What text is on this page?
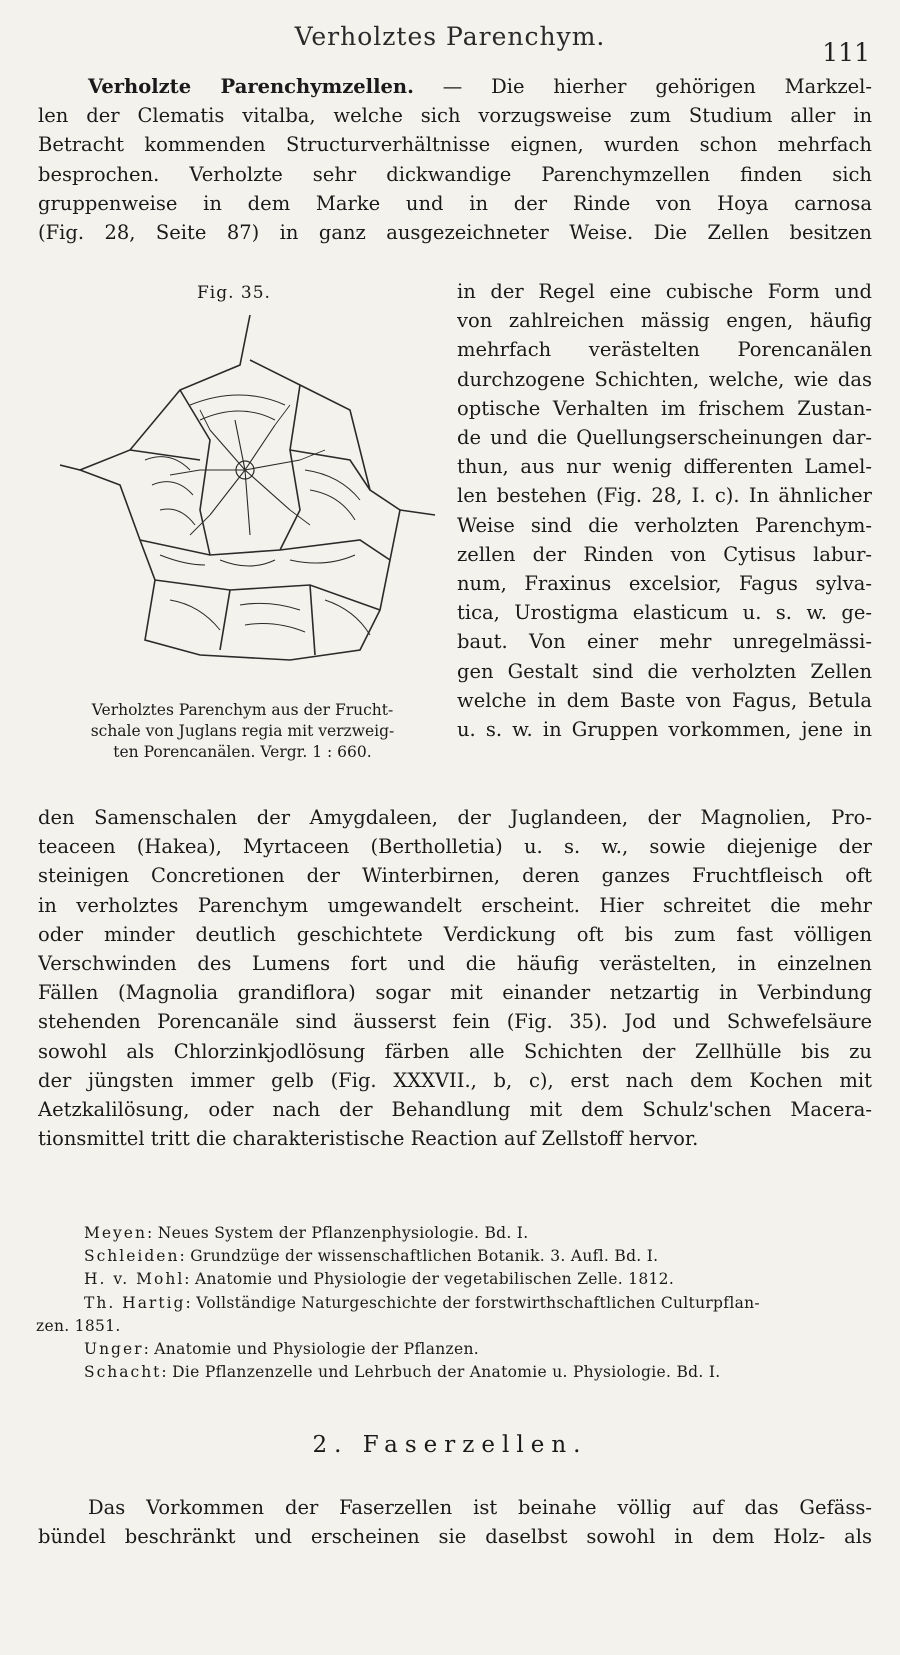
Verholztes Parenchym.
111
Verholzte Parenchymzellen. — Die hierher gehörigen Markzel-
len der Clematis vitalba, welche sich vorzugsweise zum Studium aller in
Betracht kommenden Structurverhältnisse eignen, wurden schon mehrfach
besprochen. Verholzte sehr dickwandige Parenchymzellen finden sich
gruppenweise in dem Marke und in der Rinde von Hoya carnosa
(Fig. 28, Seite 87) in ganz ausgezeichneter Weise. Die Zellen besitzen
Fig. 35.
Verholztes Parenchym aus der Frucht-
schale von Juglans regia mit verzweig-
ten Porencanälen. Vergr. 1 : 660.
in der Regel eine cubische Form und
von zahlreichen mässig engen, häufig
mehrfach verästelten Porencanälen
durchzogene Schichten, welche, wie das
optische Verhalten im frischem Zustan-
de und die Quellungserscheinungen dar-
thun, aus nur wenig differenten Lamel-
len bestehen (Fig. 28, I. c). In ähnlicher
Weise sind die verholzten Parenchym-
zellen der Rinden von Cytisus labur-
num, Fraxinus excelsior, Fagus sylva-
tica, Urostigma elasticum u. s. w. ge-
baut. Von einer mehr unregelmässi-
gen Gestalt sind die verholzten Zellen
welche in dem Baste von Fagus, Betula
u. s. w. in Gruppen vorkommen, jene in
den Samenschalen der Amygdaleen, der Juglandeen, der Magnolien, Pro-
teaceen (Hakea), Myrtaceen (Bertholletia) u. s. w., sowie diejenige der
steinigen Concretionen der Winterbirnen, deren ganzes Fruchtfleisch oft
in verholztes Parenchym umgewandelt erscheint. Hier schreitet die mehr
oder minder deutlich geschichtete Verdickung oft bis zum fast völligen
Verschwinden des Lumens fort und die häufig verästelten, in einzelnen
Fällen (Magnolia grandiflora) sogar mit einander netzartig in Verbindung
stehenden Porencanäle sind äusserst fein (Fig. 35). Jod und Schwefelsäure
sowohl als Chlorzinkjodlösung färben alle Schichten der Zellhülle bis zu
der jüngsten immer gelb (Fig. XXXVII., b, c), erst nach dem Kochen mit
Aetzkalilösung, oder nach der Behandlung mit dem Schulz'schen Macera-
tionsmittel tritt die charakteristische Reaction auf Zellstoff hervor.
Meyen: Neues System der Pflanzenphysiologie. Bd. I.
Schleiden: Grundzüge der wissenschaftlichen Botanik. 3. Aufl. Bd. I.
H. v. Mohl: Anatomie und Physiologie der vegetabilischen Zelle. 1812.
Th. Hartig: Vollständige Naturgeschichte der forstwirthschaftlichen Culturpflan-
zen. 1851.
Unger: Anatomie und Physiologie der Pflanzen.
Schacht: Die Pflanzenzelle und Lehrbuch der Anatomie u. Physiologie. Bd. I.
2. Faserzellen.
Das Vorkommen der Faserzellen ist beinahe völlig auf das Gefäss-
bündel beschränkt und erscheinen sie daselbst sowohl in dem Holz- als
